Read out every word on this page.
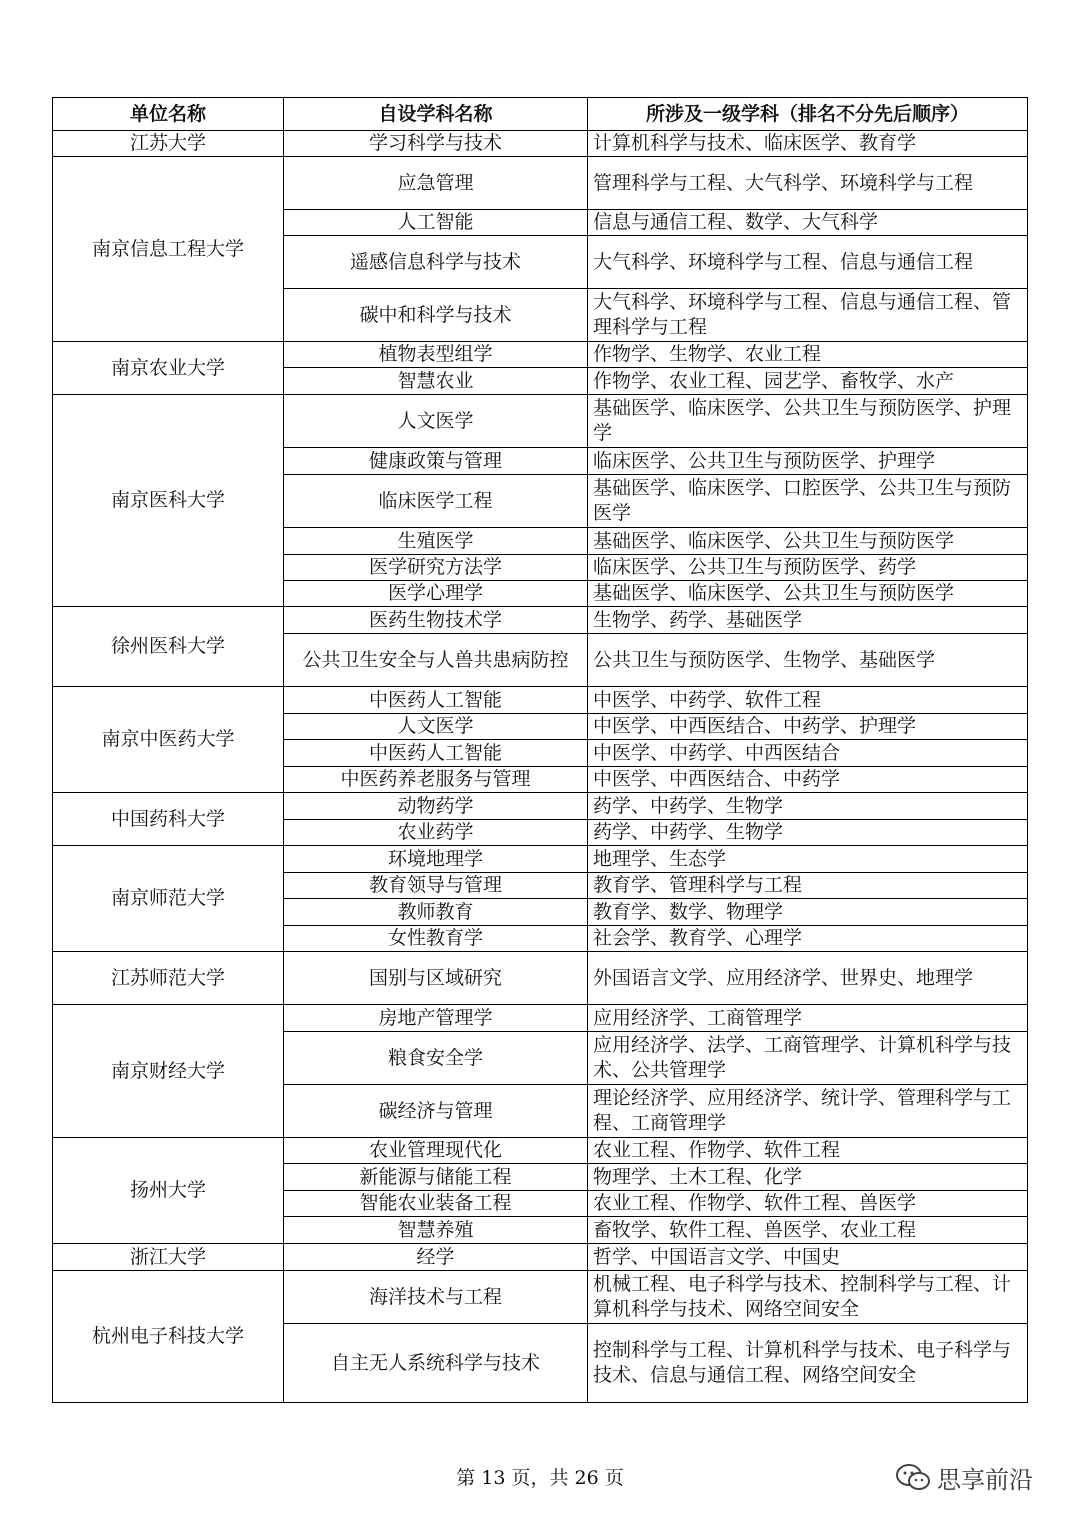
单位名称	自设学科名称	所涉及一级学科（排名不分先后顺序）
江苏大学	学习科学与技术	计算机科学与技术、临床医学、教育学
南京信息工程大学	应急管理	管理科学与工程、大气科学、环境科学与工程
	人工智能	信息与通信工程、数学、大气科学
	遥感信息科学与技术	大气科学、环境科学与工程、信息与通信工程
	碳中和科学与技术	大气科学、环境科学与工程、信息与通信工程、管理科学与工程
南京农业大学	植物表型组学	作物学、生物学、农业工程
	智慧农业	作物学、农业工程、园艺学、畜牧学、水产
南京医科大学	人文医学	基础医学、临床医学、公共卫生与预防医学、护理学
	健康政策与管理	临床医学、公共卫生与预防医学、护理学
	临床医学工程	基础医学、临床医学、口腔医学、公共卫生与预防医学
	生殖医学	基础医学、临床医学、公共卫生与预防医学
	医学研究方法学	临床医学、公共卫生与预防医学、药学
	医学心理学	基础医学、临床医学、公共卫生与预防医学
徐州医科大学	医药生物技术学	生物学、药学、基础医学
	公共卫生安全与人兽共患病防控	公共卫生与预防医学、生物学、基础医学
南京中医药大学	中医药人工智能	中医学、中药学、软件工程
	人文医学	中医学、中西医结合、中药学、护理学
	中医药人工智能	中医学、中药学、中西医结合
	中医药养老服务与管理	中医学、中西医结合、中药学
中国药科大学	动物药学	药学、中药学、生物学
	农业药学	药学、中药学、生物学
南京师范大学	环境地理学	地理学、生态学
	教育领导与管理	教育学、管理科学与工程
	教师教育	教育学、数学、物理学
	女性教育学	社会学、教育学、心理学
江苏师范大学	国别与区域研究	外国语言文学、应用经济学、世界史、地理学
南京财经大学	房地产管理学	应用经济学、工商管理学
	粮食安全学	应用经济学、法学、工商管理学、计算机科学与技术、公共管理学
	碳经济与管理	理论经济学、应用经济学、统计学、管理科学与工程、工商管理学
扬州大学	农业管理现代化	农业工程、作物学、软件工程
	新能源与储能工程	物理学、土木工程、化学
	智能农业装备工程	农业工程、作物学、软件工程、兽医学
	智慧养殖	畜牧学、软件工程、兽医学、农业工程
浙江大学	经学	哲学、中国语言文学、中国史
杭州电子科技大学	海洋技术与工程	机械工程、电子科学与技术、控制科学与工程、计算机科学与技术、网络空间安全
	自主无人系统科学与技术	控制科学与工程、计算机科学与技术、电子科学与技术、信息与通信工程、网络空间安全
第 13 页，共 26 页	思享前沿
